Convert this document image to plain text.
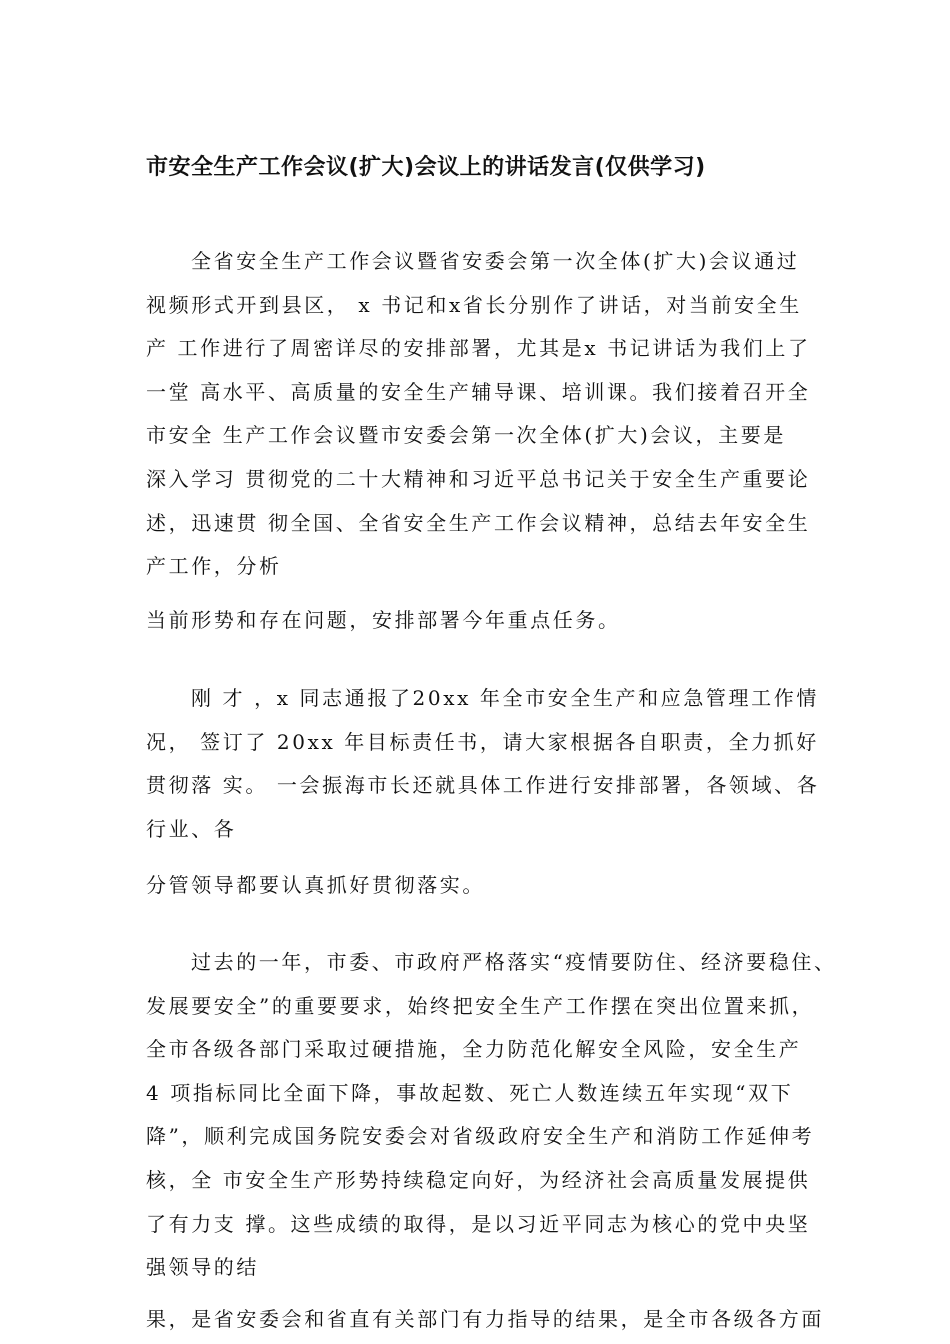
市安全生产工作会议(扩大)会议上的讲话发言(仅供学习)
全省安全生产工作会议暨省安委会第一次全体(扩大)会议通过
视频形式开到县区， x 书记和x省长分别作了讲话，对当前安全生
产 工作进行了周密详尽的安排部署，尤其是x 书记讲话为我们上了
一堂 高水平、高质量的安全生产辅导课、培训课。我们接着召开全
市安全 生产工作会议暨市安委会第一次全体(扩大)会议，主要是
深入学习 贯彻党的二十大精神和习近平总书记关于安全生产重要论
述，迅速贯 彻全国、全省安全生产工作会议精神，总结去年安全生
产工作，分析
当前形势和存在问题，安排部署今年重点任务。
刚 才 ，x 同志通报了20xx 年全市安全生产和应急管理工作情
况， 签订了 20xx 年目标责任书，请大家根据各自职责，全力抓好
贯彻落 实。 一会振海市长还就具体工作进行安排部署，各领域、各
行业、各
分管领导都要认真抓好贯彻落实。
过去的一年，市委、市政府严格落实“疫情要防住、经济要稳住、
发展要安全”的重要要求，始终把安全生产工作摆在突出位置来抓，
全市各级各部门采取过硬措施，全力防范化解安全风险，安全生产
4 项指标同比全面下降，事故起数、死亡人数连续五年实现“双下
降”，顺利完成国务院安委会对省级政府安全生产和消防工作延伸考
核，全 市安全生产形势持续稳定向好，为经济社会高质量发展提供
了有力支 撑。这些成绩的取得，是以习近平同志为核心的党中央坚
强领导的结
果，是省安委会和省直有关部门有力指导的结果，是全市各级各方面
